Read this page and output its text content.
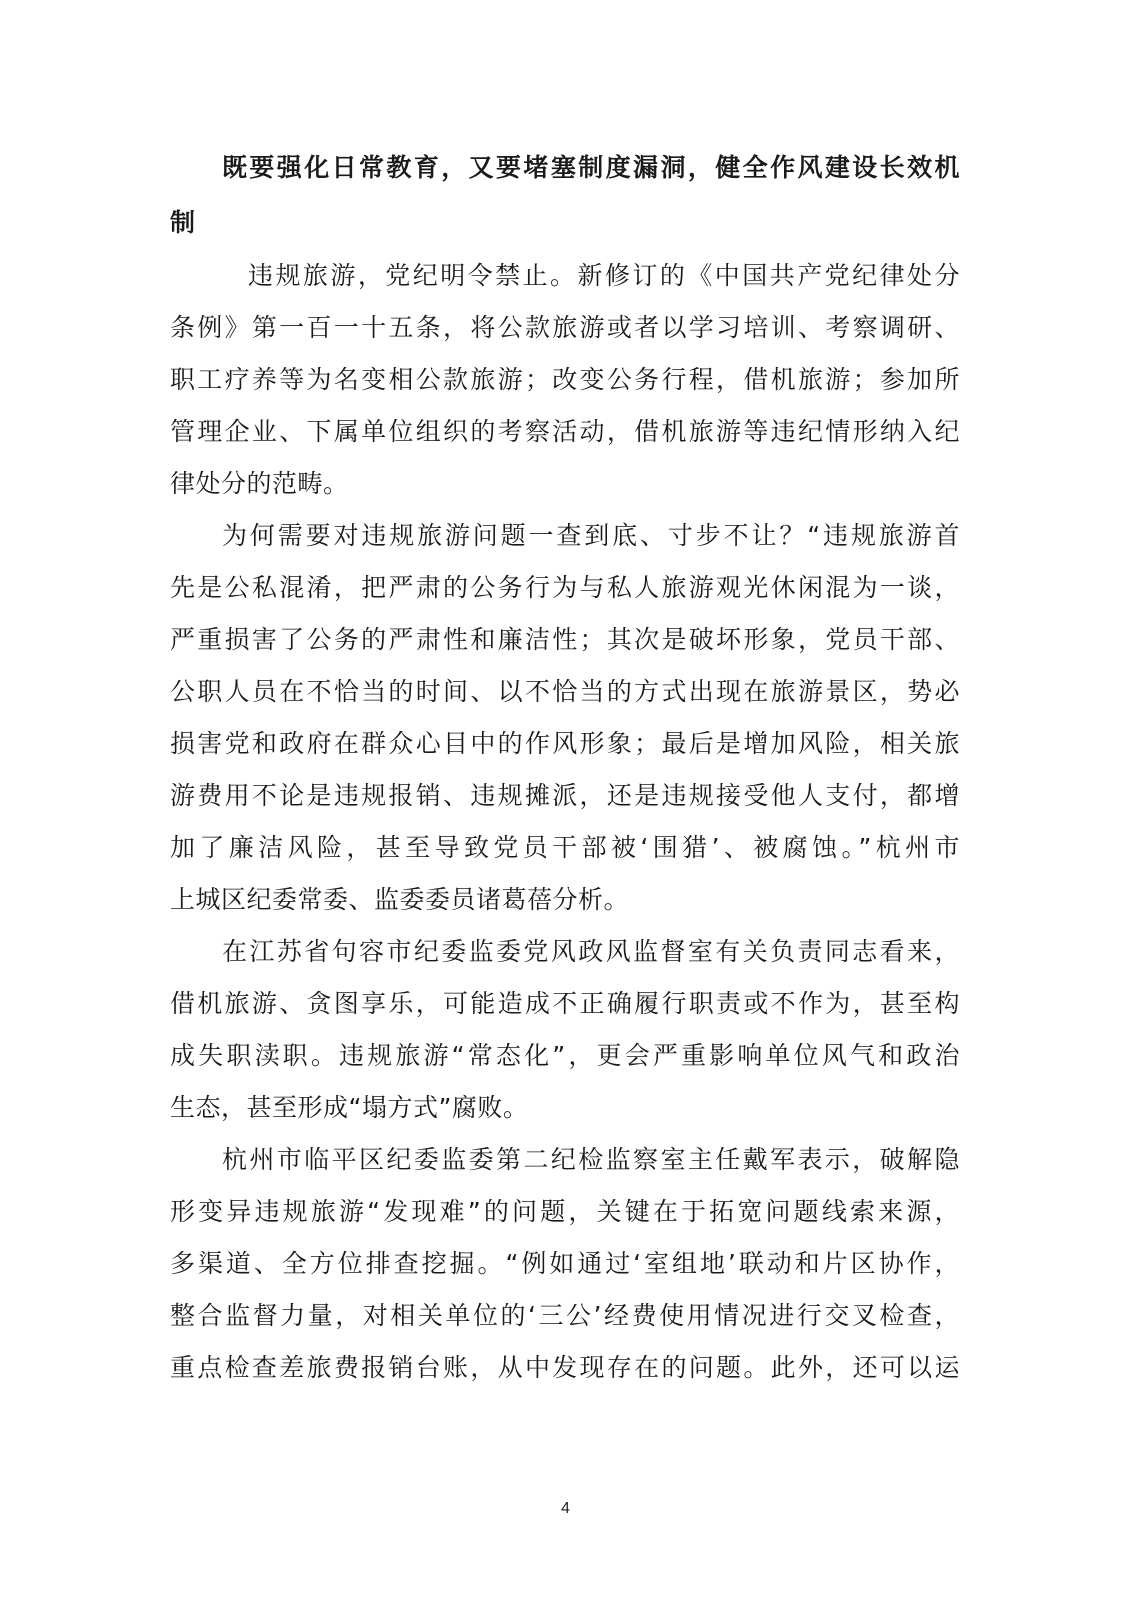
既要强化日常教育，又要堵塞制度漏洞，健全作风建设长效机
制
违规旅游，党纪明令禁止。新修订的《中国共产党纪律处分
条例》第一百一十五条，将公款旅游或者以学习培训、考察调研、
职工疗养等为名变相公款旅游；改变公务行程，借机旅游；参加所
管理企业、下属单位组织的考察活动，借机旅游等违纪情形纳入纪
律处分的范畴。
为何需要对违规旅游问题一查到底、寸步不让？“违规旅游首
先是公私混淆，把严肃的公务行为与私人旅游观光休闲混为一谈，
严重损害了公务的严肃性和廉洁性；其次是破坏形象，党员干部、
公职人员在不恰当的时间、以不恰当的方式出现在旅游景区，势必
损害党和政府在群众心目中的作风形象；最后是增加风险，相关旅
游费用不论是违规报销、违规摊派，还是违规接受他人支付，都增
加了廉洁风险，甚至导致党员干部被‘围猎’、被腐蚀。”杭州市
上城区纪委常委、监委委员诸葛蓓分析。
在江苏省句容市纪委监委党风政风监督室有关负责同志看来，
借机旅游、贪图享乐，可能造成不正确履行职责或不作为，甚至构
成失职渎职。违规旅游“常态化”，更会严重影响单位风气和政治
生态，甚至形成“塌方式”腐败。
杭州市临平区纪委监委第二纪检监察室主任戴军表示，破解隐
形变异违规旅游“发现难”的问题，关键在于拓宽问题线索来源，
多渠道、全方位排查挖掘。“例如通过‘室组地’联动和片区协作，
整合监督力量，对相关单位的‘三公’经费使用情况进行交叉检查，
重点检查差旅费报销台账，从中发现存在的问题。此外，还可以运
4
